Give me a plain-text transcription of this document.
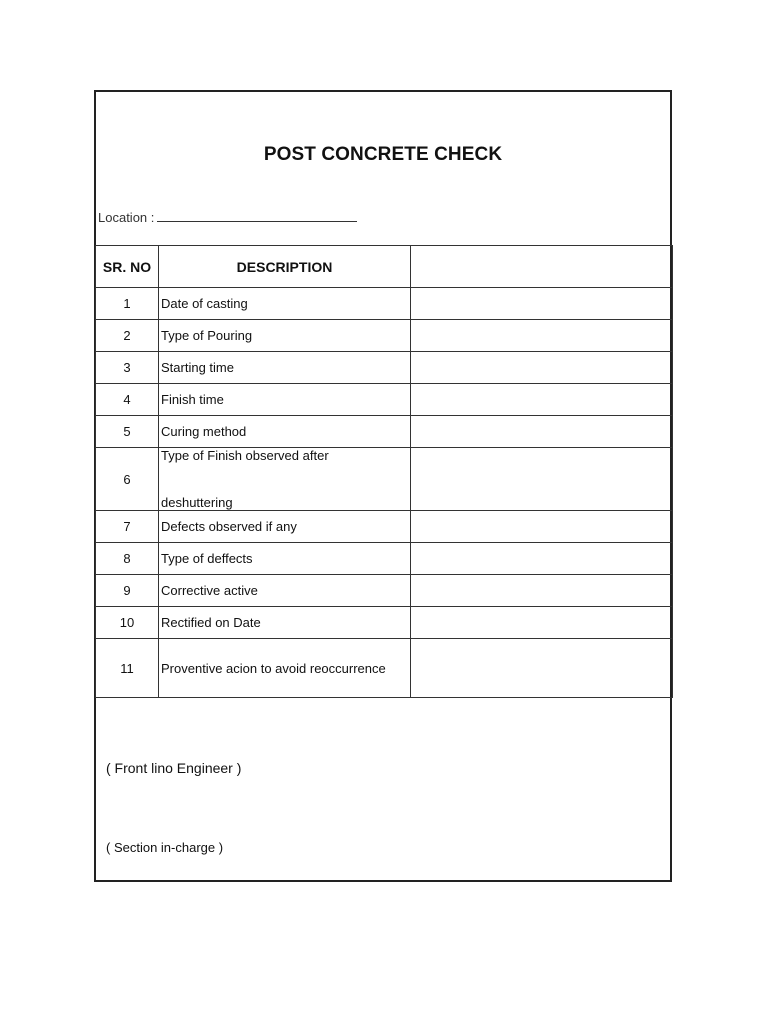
POST CONCRETE CHECK
Location :
SR. NO	DESCRIPTION	
1	Date of casting	
2	Type of Pouring	
3	Starting time	
4	Finish time	
5	Curing method	
6	Type of Finish observed after
deshuttering	

7	Defects observed if any	
8	Type of deffects	
9	Corrective active	
10	Rectified on Date	
11	Proventive acion to avoid reoccurrence	
( Front lino Engineer )
( Section in-charge )
